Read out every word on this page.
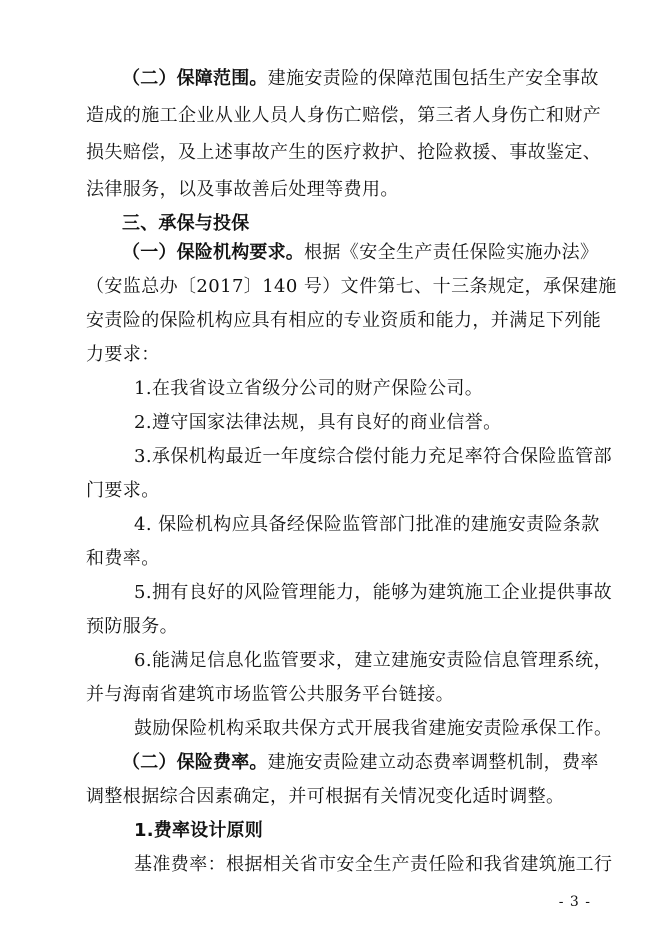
（二）保障范围。建施安责险的保障范围包括生产安全事故
造成的施工企业从业人员人身伤亡赔偿，第三者人身伤亡和财产
损失赔偿，及上述事故产生的医疗救护、抢险救援、事故鉴定、
法律服务，以及事故善后处理等费用。
三、承保与投保
（一）保险机构要求。根据《安全生产责任保险实施办法》
（安监总办〔2017〕140 号）文件第七、十三条规定，承保建施
安责险的保险机构应具有相应的专业资质和能力，并满足下列能
力要求：
1.在我省设立省级分公司的财产保险公司。
2.遵守国家法律法规，具有良好的商业信誉。
3.承保机构最近一年度综合偿付能力充足率符合保险监管部
门要求。
4. 保险机构应具备经保险监管部门批准的建施安责险条款
和费率。
5.拥有良好的风险管理能力，能够为建筑施工企业提供事故
预防服务。
6.能满足信息化监管要求，建立建施安责险信息管理系统，
并与海南省建筑市场监管公共服务平台链接。
鼓励保险机构采取共保方式开展我省建施安责险承保工作。
（二）保险费率。建施安责险建立动态费率调整机制，费率
调整根据综合因素确定，并可根据有关情况变化适时调整。
1.费率设计原则
基准费率：根据相关省市安全生产责任险和我省建筑施工行
- 3 -
